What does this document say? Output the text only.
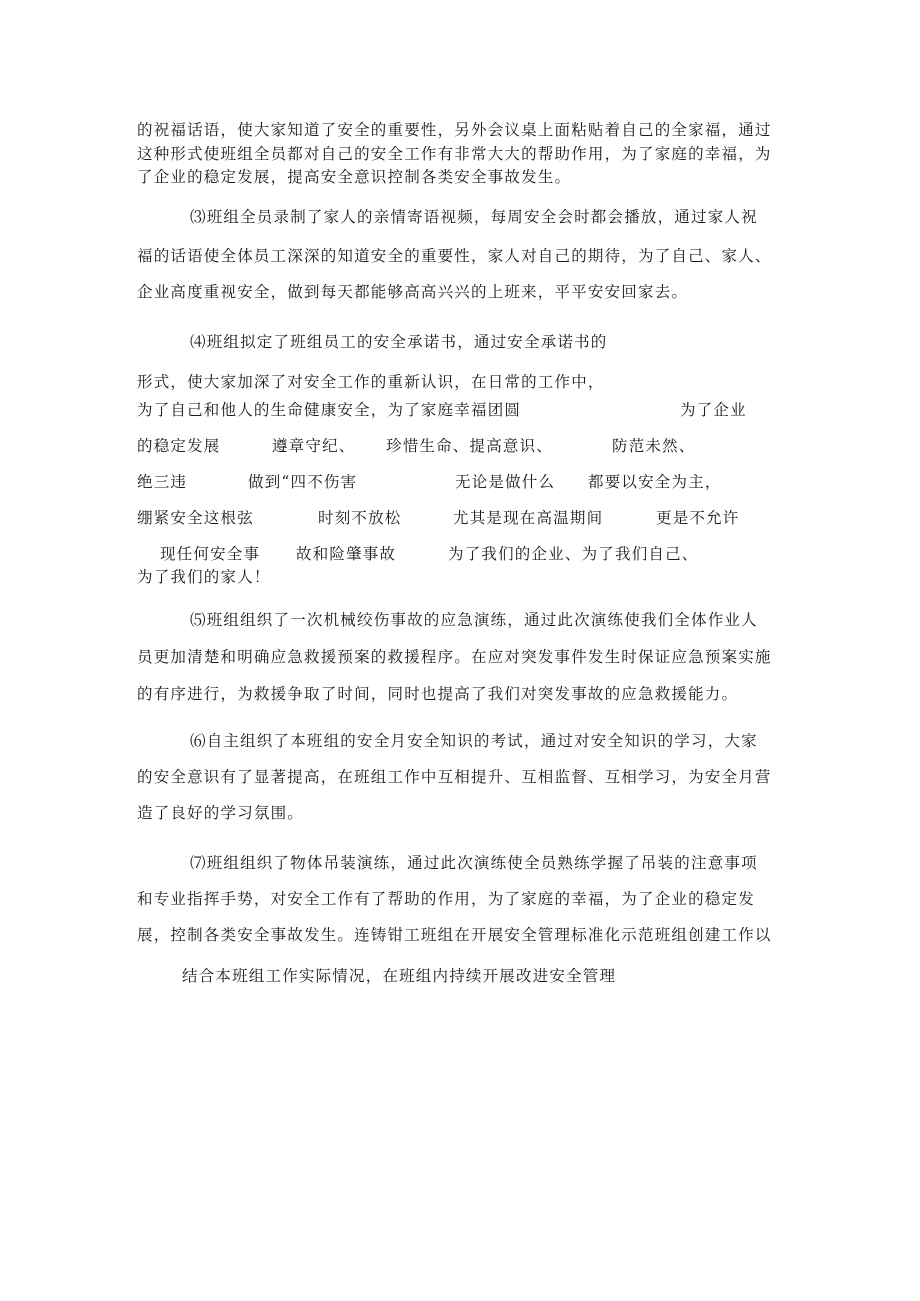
的祝福话语，使大家知道了安全的重要性，另外会议桌上面粘贴着自己的全家福，通过
这种形式使班组全员都对自己的安全工作有非常大大的帮助作用，为了家庭的幸福，为
了企业的稳定发展，提高安全意识控制各类安全事故发生。
⑶班组全员录制了家人的亲情寄语视频，每周安全会时都会播放，通过家人祝
福的话语使全体员工深深的知道安全的重要性，家人对自己的期待，为了自己、家人、
企业高度重视安全，做到每天都能够高高兴兴的上班来，平平安安回家去。
⑷班组拟定了班组员工的安全承诺书，通过安全承诺书的
形式，使大家加深了对安全工作的重新认识，在日常的工作中，
为了自己和他人的生命健康安全，为了家庭幸福团圆	为了企业
的稳定发展	遵章守纪、 珍惜生命、提高意识、	防范未然、
绝三违	做到“四不伤害	无论是做什么 都要以安全为主，
绷紧安全这根弦	时刻不放松	尤其是现在高温期间	更是不允许
现任何安全事 故和险肇事故	为了我们的企业、为了我们自己、
为了我们的家人！
⑸班组组织了一次机械绞伤事故的应急演练，通过此次演练使我们全体作业人
员更加清楚和明确应急救援预案的救援程序。在应对突发事件发生时保证应急预案实施
的有序进行，为救援争取了时间，同时也提高了我们对突发事故的应急救援能力。
⑹自主组织了本班组的安全月安全知识的考试，通过对安全知识的学习，大家
的安全意识有了显著提高，在班组工作中互相提升、互相监督、互相学习，为安全月营
造了良好的学习氛围。
⑺班组组织了物体吊装演练，通过此次演练使全员熟练学握了吊装的注意事项
和专业指挥手势，对安全工作有了帮助的作用，为了家庭的幸福，为了企业的稳定发
展，控制各类安全事故发生。连铸钳工班组在开展安全管理标准化示范班组创建工作以
结合本班组工作实际情况，在班组内持续开展改进安全管理
